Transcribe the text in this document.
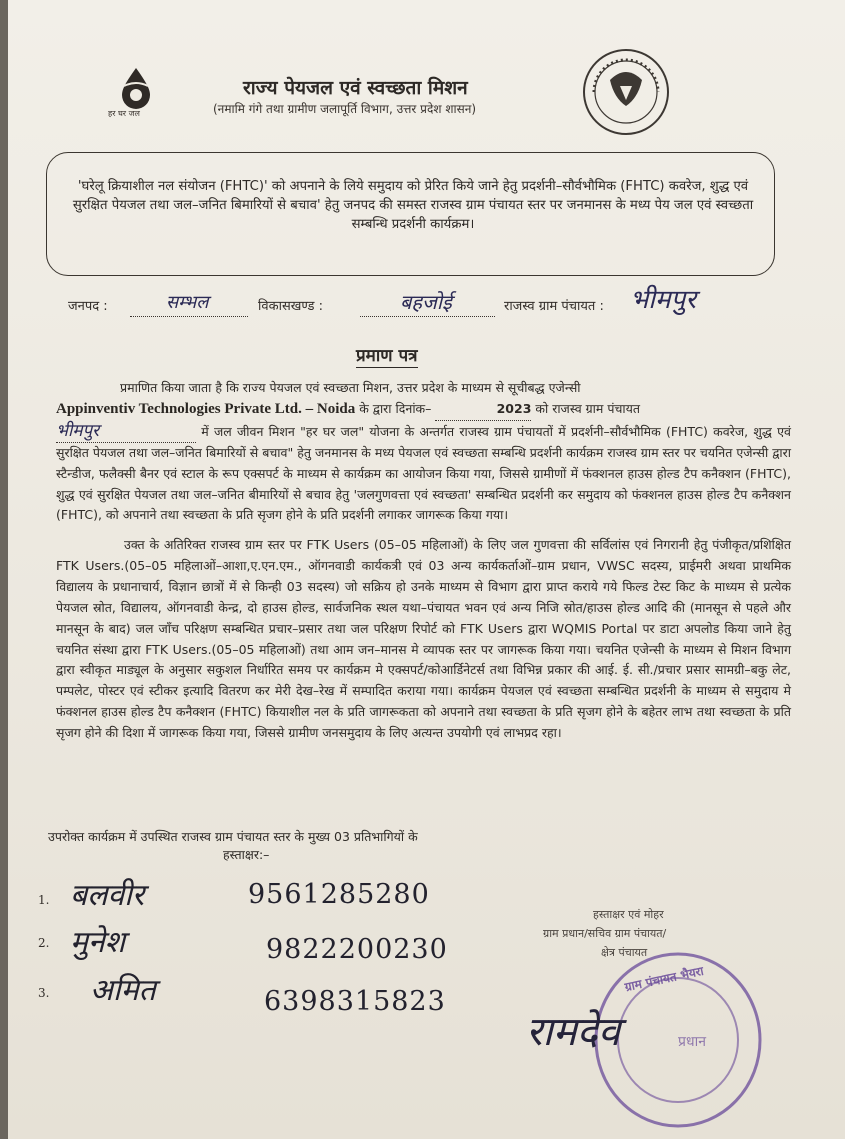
हर घर जल
राज्य पेयजल एवं स्वच्छता मिशन
(नमामि गंगे तथा ग्रामीण जलापूर्ति विभाग, उत्तर प्रदेश शासन)
'घरेलू क्रियाशील नल संयोजन (FHTC)' को अपनाने के लिये समुदाय को प्रेरित किये जाने हेतु प्रदर्शनी–सौर्वभौमिक (FHTC) कवरेज, शुद्ध एवं सुरक्षित पेयजल तथा जल–जनित बिमारियों से बचाव' हेतु जनपद की समस्त राजस्व ग्राम पंचायत स्तर पर जनमानस के मध्य पेय जल एवं स्वच्छता सम्बन्धि प्रदर्शनी कार्यक्रम।
जनपद :	सम्भल	विकासखण्ड :	बहजोई	राजस्व ग्राम पंचायत : भीमपुर
प्रमाण पत्र
प्रमाणित किया जाता है कि राज्य पेयजल एवं स्वच्छता मिशन, उत्तर प्रदेश के माध्यम से सूचीबद्ध एजेन्सी
Appinventiv Technologies Private Ltd. – Noida के द्वारा दिनांक–	2023 को राजस्व ग्राम पंचायत
भीमपुर	में जल जीवन मिशन "हर घर जल" योजना के अन्तर्गत राजस्व ग्राम पंचायतों में प्रदर्शनी–सौर्वभौमिक (FHTC) कवरेज, शुद्ध एवं सुरक्षित पेयजल तथा जल–जनित बिमारियों से बचाव" हेतु जनमानस के मध्य पेयजल एवं स्वच्छता सम्बन्धि प्रदर्शनी कार्यक्रम राजस्व ग्राम स्तर पर चयनित एजेन्सी द्वारा स्टैन्डीज, फलैक्सी बैनर एवं स्टाल के रूप एक्सपर्ट के माध्यम से कार्यक्रम का आयोजन किया गया, जिससे ग्रामीणों में फंक्शनल हाउस होल्ड टैप कनैक्शन (FHTC), शुद्ध एवं सुरक्षित पेयजल तथा जल–जनित बीमारियों से बचाव हेतु 'जलगुणवत्ता एवं स्वच्छता' सम्बन्धित प्रदर्शनी कर समुदाय को फंक्शनल हाउस होल्ड टैप कनैक्शन (FHTC), को अपनाने तथा स्वच्छता के प्रति सृजग होने के प्रति प्रदर्शनी लगाकर जागरूक किया गया।
उक्त के अतिरिक्त राजस्व ग्राम स्तर पर FTK Users (05–05 महिलाओं) के लिए जल गुणवत्ता की सर्विलांस एवं निगरानी हेतु पंजीकृत/प्रशिक्षित FTK Users.(05–05 महिलाओं–आशा,ए.एन.एम., ऑगनवाडी कार्यकत्री एवं 03 अन्य कार्यकर्ताओं–ग्राम प्रधान, VWSC सदस्य, प्राईमरी अथवा प्राथमिक विद्यालय के प्रधानाचार्य, विज्ञान छात्रों में से किन्ही 03 सदस्य) जो सक्रिय हो उनके माध्यम से विभाग द्वारा प्राप्त कराये गये फिल्ड टेस्ट किट के माध्यम से प्रत्येक पेयजल स्रोत, विद्यालय, ऑगनवाडी केन्द्र, दो हाउस होल्ड, सार्वजनिक स्थल यथा–पंचायत भवन एवं अन्य निजि स्रोत/हाउस होल्ड आदि की (मानसून से पहले और मानसून के बाद) जल जाँच परिक्षण सम्बन्धित प्रचार–प्रसार तथा जल परिक्षण रिपोर्ट को FTK Users द्वारा WQMIS Portal पर डाटा अपलोड किया जाने हेतु चयनित संस्था द्वारा FTK Users.(05–05 महिलाओं) तथा आम जन–मानस मे व्यापक स्तर पर जागरूक किया गया। चयनित एजेन्सी के माध्यम से मिशन विभाग द्वारा स्वीकृत माड्यूल के अनुसार सकुशल निर्धारित समय पर कार्यक्रम मे एक्सपर्ट/कोआर्डिनेटर्स तथा विभिन्न प्रकार की आई. ई. सी./प्रचार प्रसार सामग्री–बकु लेट, पम्पलेट, पोस्टर एवं स्टीकर इत्यादि वितरण कर मेरी देख–रेख में सम्पादित कराया गया। कार्यक्रम पेयजल एवं स्वच्छता सम्बन्धित प्रदर्शनी के माध्यम से समुदाय मे फंक्शनल हाउस होल्ड टैप कनैक्शन (FHTC) कियाशील नल के प्रति जागरूकता को अपनाने तथा स्वच्छता के प्रति सृजग होने के बहेतर लाभ तथा स्वच्छता के प्रति सृजग होने की दिशा में जागरूक किया गया, जिससे ग्रामीण जनसमुदाय के लिए अत्यन्त उपयोगी एवं लाभप्रद रहा।
उपरोक्त कार्यक्रम में उपस्थित राजस्व ग्राम पंचायत स्तर के मुख्य 03 प्रतिभागियों के
हस्ताक्षर:–
1. बलवीर	9561285280
2. मुनेश	9822200230
3. अमित	6398315823
हस्ताक्षर एवं मोहर
ग्राम प्रधान/सचिव ग्राम पंचायत/
क्षेत्र पंचायत
ग्राम पंचायत भैयरा
प्रधान
रामदेव
